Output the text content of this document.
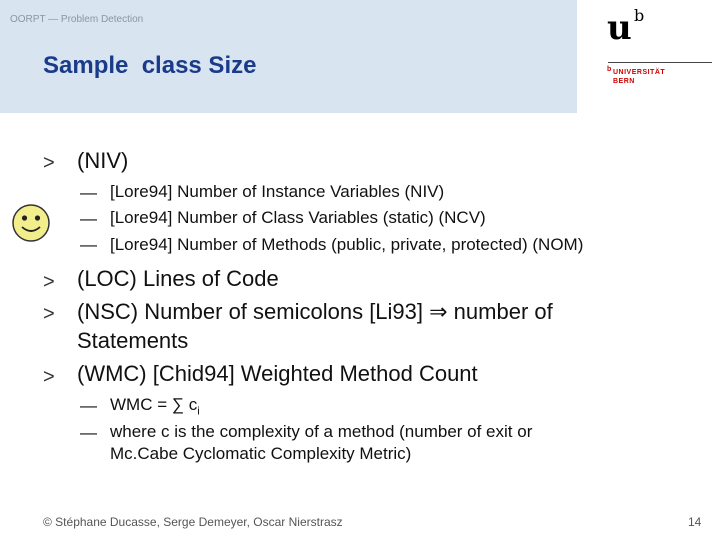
OORPT — Problem Detection
Sample  class Size
u b
b UNIVERSITÄT
BERN
> (NIV)
— [Lore94] Number of Instance Variables (NIV)
— [Lore94] Number of Class Variables (static) (NCV)
— [Lore94] Number of Methods (public, private, protected) (NOM)
> (LOC) Lines of Code
> (NSC) Number of semicolons [Li93] ⇒ number of
Statements
> (WMC) [Chid94] Weighted Method Count
— WMC = ∑ $c_i$
— where c is the complexity of a method (number of exit or
Mc.Cabe Cyclomatic Complexity Metric)
© Stéphane Ducasse, Serge Demeyer, Oscar Nierstrasz	14
